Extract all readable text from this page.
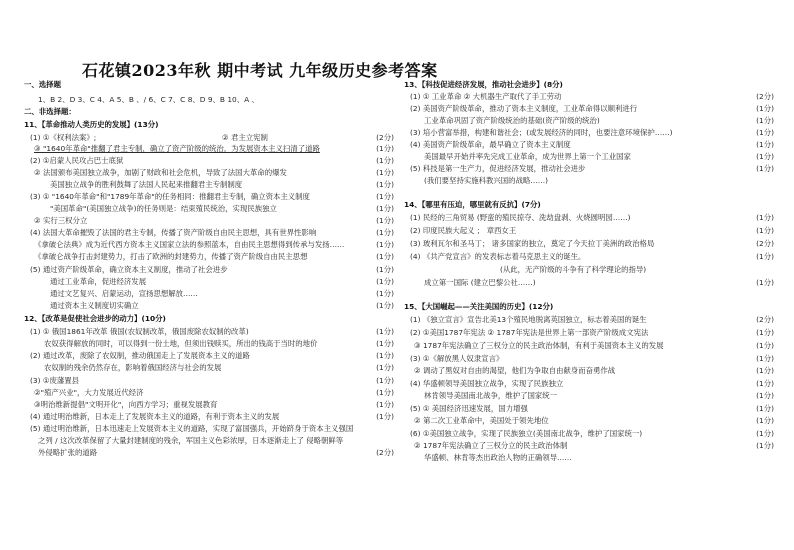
石花镇2023年秋 期中考试 九年级历史参考答案
一、选择题
1、B 2、D 3、C 4、A 5、B 、/ 6、C 7、C 8、D 9、B 10、A 、
二、非选择题：
11、【革命推动人类历史的发展】(13分)
(1) ①《权利法案》;	② 君主立宪制
③ "1640年革命"推翻了君主专制，确立了资产阶级的统治，为发展资本主义扫清了道路
(2) ①启蒙人民攻占巴士底狱
② 法国颁布美国独立战争，加剧了财政和社会危机，导致了法国大革命的爆发
美国独立战争的胜利鼓舞了法国人民起来推翻君主专制制度
(3) ① "1640年革命"和"1789年革命"的任务相同：推翻君主专制，确立资本主义制度
"美国革命"(美国独立战争)的任务则是：结束殖民统治，实现民族独立
② 实行三权分立
(4) 法国大革命摧毁了法国的君主专制，传播了资产阶级自由民主思想，具有世界性影响
《拿破仑法典》成为近代西方资本主义国家立法的参照蓝本，自由民主思想得到传承与发扬……
《拿破仑战争打击封建势力，打击了欧洲的封建势力，传播了资产阶级自由民主思想
(5) 通过资产阶级革命，确立资本主义制度，推动了社会进步
通过工业革命，促进经济发展
通过文艺复兴、启蒙运动，宣扬思想解放……
通过资本主义制度切实确立
12、【改革是促使社会进步的动力】(10分)
(1) ① 俄国1861年改革 俄国(农奴制改革，俄国废除农奴制的改革)
农奴获得解放的同时，可以得到一份土地，但须出钱赎买，所出的钱高于当时的地价
(2) 通过改革，废除了农奴制，推动俄国走上了发展资本主义的道路
农奴制的残余仍然存在，影响着俄国经济与社会的发展
(3) ①废藩置县
②"殖产兴业"，大力发展近代经济
③明治维新提倡"文明开化"，向西方学习；重视发展教育
(4) 通过明治维新，日本走上了发展资本主义的道路，有利于资本主义的发展
(5) 通过明治维新，日本迅速走上发展资本主义的道路，实现了富国强兵，开始跻身于资本主义强国
之列 / 这次改革保留了大量封建制度的残余，军国主义色彩浓厚，日本逐渐走上了 侵略朝鲜等
外侵略扩张的道路
(2分)
(1分)
(1分)
(1分)
(1分)
(1分)
(1分)
(1分)
(1分)
(1分)
(1分)
(1分)
(1分)
(1分)
(1分)
(1分)
(1分)
(1分)
(1分)
(1分)
(1分)
(1分)
(1分)
(2分)
13、【科技促进经济发展，推动社会进步】(8分)
(1) ① 工业革命 ② 大机器生产取代了手工劳动
(2) 美国资产阶级革命，推动了资本主义制度，工业革命得以顺利进行
工业革命巩固了资产阶级统治的基础(资产阶级的统治)
(3) 培小营富举措，构建和谐社会；(或发展经济的同时，也要注意环境保护……)
(4) 美国资产阶级革命，最早确立了资本主义制度
美国最早开始并率先完成工业革命，成为世界上第一个工业国家
(5) 科技是第一生产力，促进经济发展，推动社会进步
(我们要坚持实施科教兴国的战略……)
14、【哪里有压迫，哪里就有反抗】(7分)
(1) 民经的三角贸易 (野蛮的殖民掠夺、洗劫盘剥、火烧圆明园……)
(2) 印度民族大起义 ； 章西女王
(3) 玻利瓦尔和圣马丁； 诸多国家的独立，奠定了今天拉丁美洲的政治格局
(4) 《共产党宣言》的发表标志着马克思主义的诞生。
(从此，无产阶级的斗争有了科学理论的指导)
成立第一国际 (建立巴黎公社……)
15、【大国崛起——关注美国的历史】(12分)
(1) 《独立宣言》宣告北美13个殖民地脱离英国独立，标志着美国的诞生
(2) ①美国1787年宪法 ② 1787年宪法是世界上第一部资产阶级成文宪法
③ 1787年宪法确立了三权分立的民主政治体制，有利于美国资本主义的发展
(3) ①《解放黑人奴隶宣言》
② 调动了黑奴对自由的渴望，他们为争取自由献身而奋勇作战
(4) 华盛顿领导美国独立战争，实现了民族独立
林肯领导美国南北战争，维护了国家统一
(5) ① 美国经济迅速发展，国力增强
② 第二次工业革命中，美国处于领先地位
(6) ①美国独立战争，实现了民族独立(美国南北战争，维护了国家统一)
② 1787年宪法确立了三权分立的民主政治体制
华盛顿、林肯等杰出政治人物的正确领导……
(2分)
(1分)
(1分)
(1分)
(1分)
(1分)
(1分)
(1分)
(1分)
(2分)
(1分)
(1分)
(2分)
(1分)
(1分)
(1分)
(1分)
(1分)
(1分)
(1分)
(1分)
(1分)
(1分)
